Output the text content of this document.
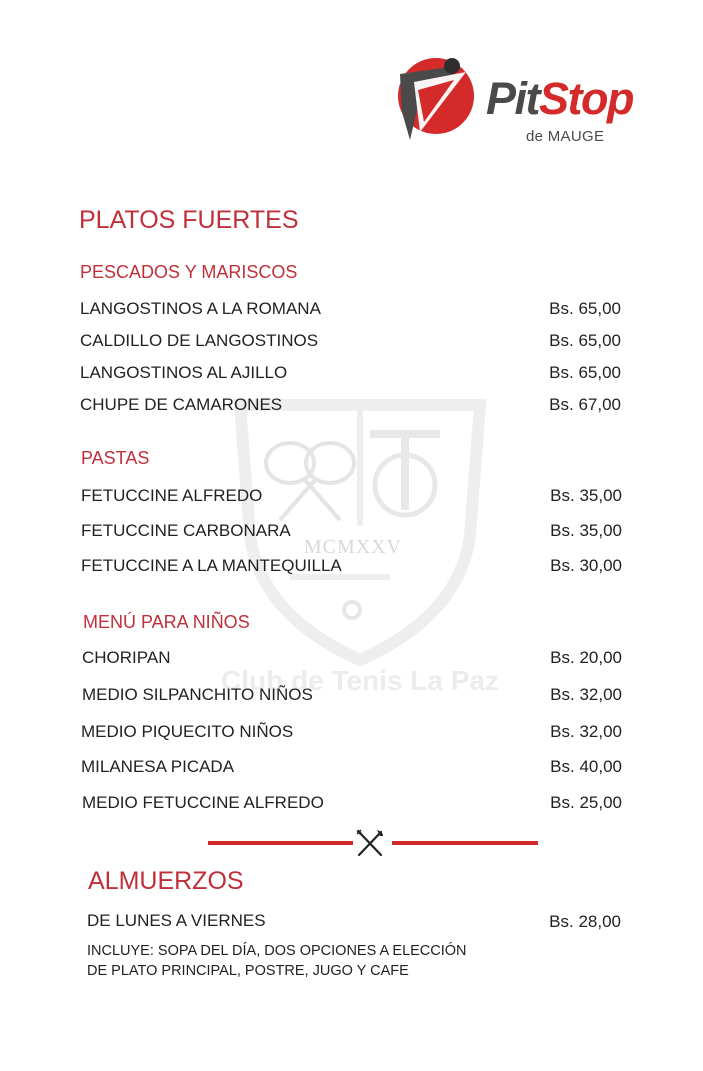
PitStop
de MAUGE
MCMXXV
Club de Tenis La Paz
PLATOS FUERTES
PESCADOS Y MARISCOS
LANGOSTINOS A LA ROMANA	Bs. 65,00
CALDILLO DE LANGOSTINOS	Bs. 65,00
LANGOSTINOS AL AJILLO	Bs. 65,00
CHUPE DE CAMARONES	Bs. 67,00
PASTAS
FETUCCINE ALFREDO	Bs. 35,00
FETUCCINE CARBONARA	Bs. 35,00
FETUCCINE A LA MANTEQUILLA	Bs. 30,00
MENÚ PARA NIÑOS
CHORIPAN	Bs. 20,00
MEDIO SILPANCHITO NIÑOS	Bs. 32,00
MEDIO PIQUECITO NIÑOS	Bs. 32,00
MILANESA PICADA	Bs. 40,00
MEDIO FETUCCINE ALFREDO	Bs. 25,00
ALMUERZOS
DE LUNES A VIERNES	Bs. 28,00
INCLUYE: SOPA DEL DÍA, DOS OPCIONES A ELECCIÓN
DE PLATO PRINCIPAL, POSTRE, JUGO Y CAFE
